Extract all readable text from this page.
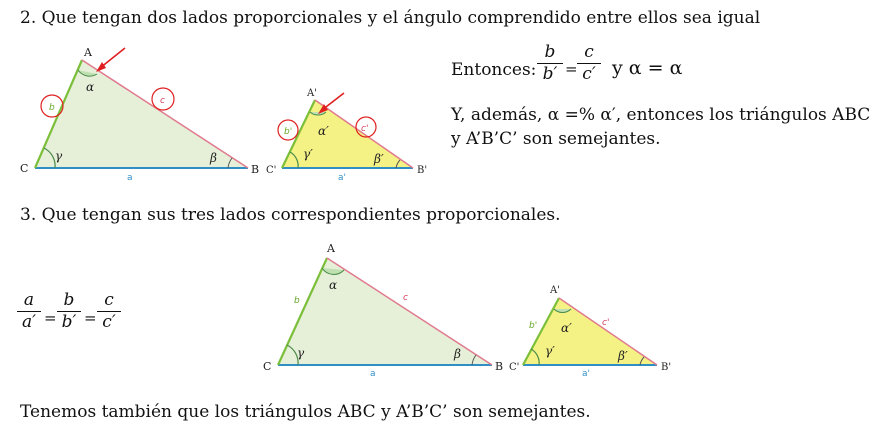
2. Que tengan dos lados proporcionales y el ángulo comprendido entre ellos sea igual
A
C	B
α
γ	β
b
c
a
A'
C'	B'
α′
γ′	β′
b'	c'
a'
Entonces:
b
b′ =
c
c′ y α = α
Y, además, α =% α′, entonces los triángulos ABC
y A’B’C’ son semejantes.
3. Que tengan sus tres lados correspondientes proporcionales.
a
a′ =
b
b′ =
c
c′
A
C	B
α
γ	β
b	c
a
A'
C'	B'
α′
γ′	β′
b'	c'
a'
Tenemos también que los triángulos ABC y A’B’C’ son semejantes.
